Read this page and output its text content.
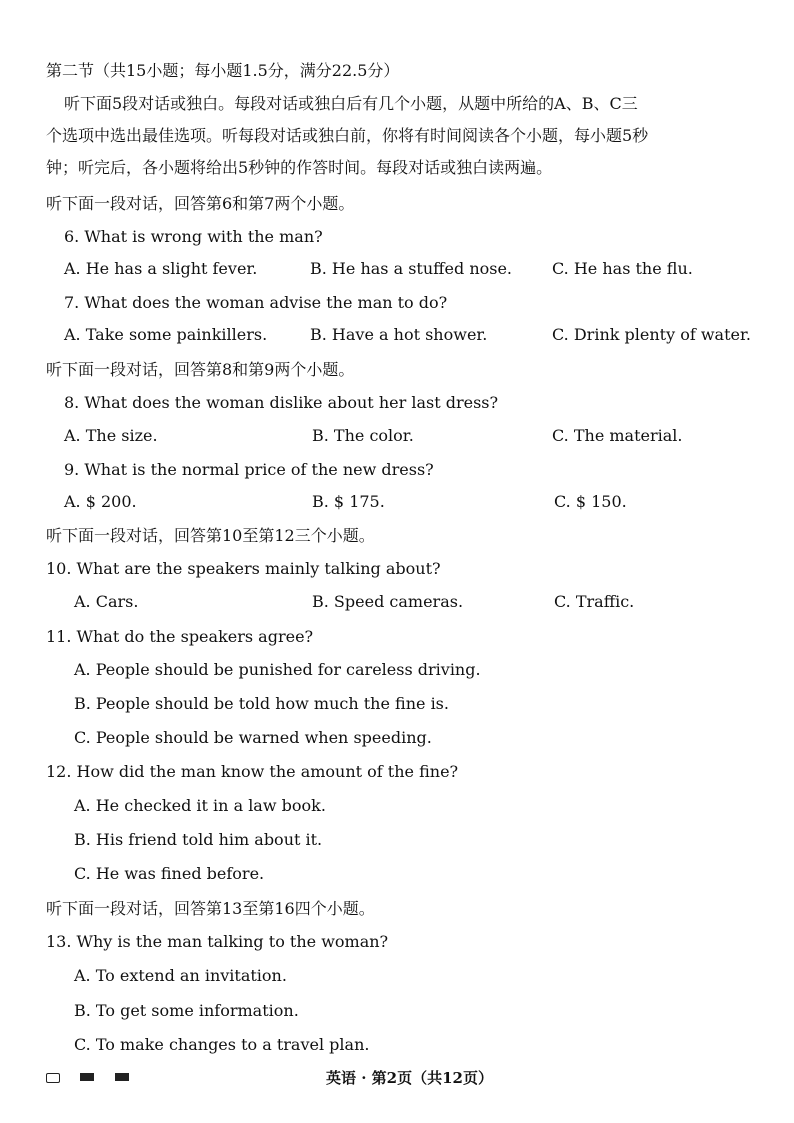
第二节（共15小题；每小题1.5分，满分22.5分）
听下面5段对话或独白。每段对话或独白后有几个小题，从题中所给的A、B、C三
个选项中选出最佳选项。听每段对话或独白前，你将有时间阅读各个小题，每小题5秒
钟；听完后，各小题将给出5秒钟的作答时间。每段对话或独白读两遍。
听下面一段对话，回答第6和第7两个小题。
6. What is wrong with the man?
A. He has a slight fever.	B. He has a stuffed nose. C. He has the flu.
7. What does the woman advise the man to do?
A. Take some painkillers.	B. Have a hot shower.	C. Drink plenty of water.
听下面一段对话，回答第8和第9两个小题。
8. What does the woman dislike about her last dress?
A. The size.	B. The color.	C. The material.
9. What is the normal price of the new dress?
A. $ 200.	B. $ 175.	C. $ 150.
听下面一段对话，回答第10至第12三个小题。
10. What are the speakers mainly talking about?
A. Cars.	B. Speed cameras.	C. Traffic.
11. What do the speakers agree?
A. People should be punished for careless driving.
B. People should be told how much the fine is.
C. People should be warned when speeding.
12. How did the man know the amount of the fine?
A. He checked it in a law book.
B. His friend told him about it.
C. He was fined before.
听下面一段对话，回答第13至第16四个小题。
13. Why is the man talking to the woman?
A. To extend an invitation.
B. To get some information.
C. To make changes to a travel plan.
英语 · 第2页（共12页）
